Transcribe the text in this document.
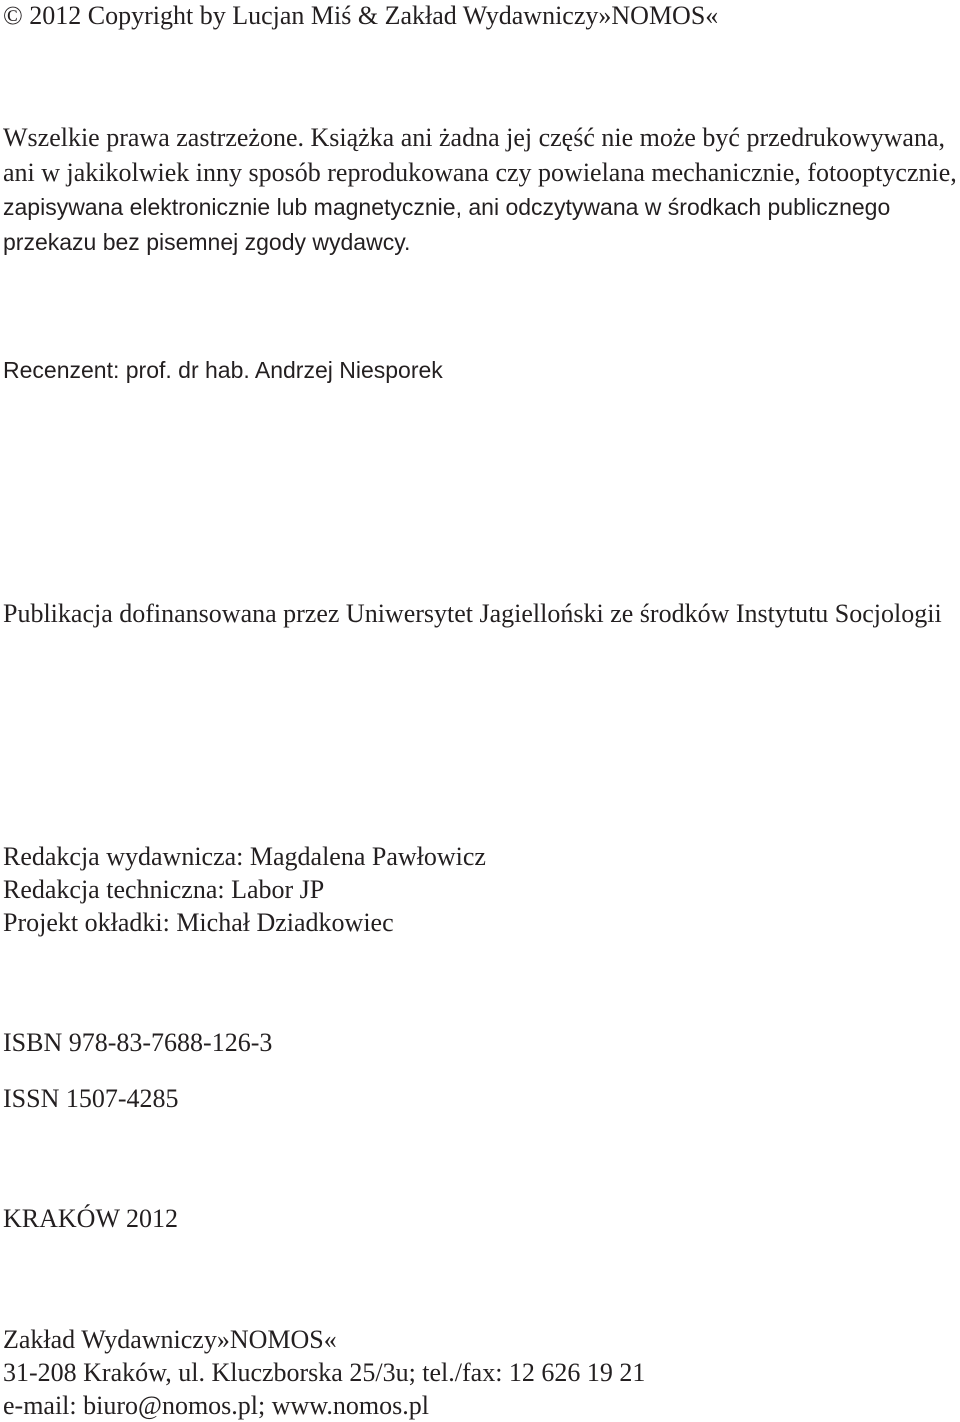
© 2012 Copyright by Lucjan Miś & Zakład Wydawniczy»NOMOS«

Wszelkie prawa zastrzeżone. Książka ani żadna jej część nie może być przedrukowywana,
ani w jakikolwiek inny sposób reprodukowana czy powielana mechanicznie, fotooptycznie,
zapisywana elektronicznie lub magnetycznie, ani odczytywana w środkach publicznego
przekazu bez pisemnej zgody wydawcy.

Recenzent: prof. dr hab. Andrzej Niesporek

Publikacja dofinansowana przez Uniwersytet Jagielloński ze środków Instytutu Socjologii

Redakcja wydawnicza: Magdalena Pawłowicz
Redakcja techniczna: Labor JP
Projekt okładki: Michał Dziadkowiec

ISBN 978-83-7688-126-3

ISSN 1507-4285

KRAKÓW 2012

Zakład Wydawniczy»NOMOS«
31-208 Kraków, ul. Kluczborska 25/3u; tel./fax: 12 626 19 21
e-mail: biuro@nomos.pl; www.nomos.pl
